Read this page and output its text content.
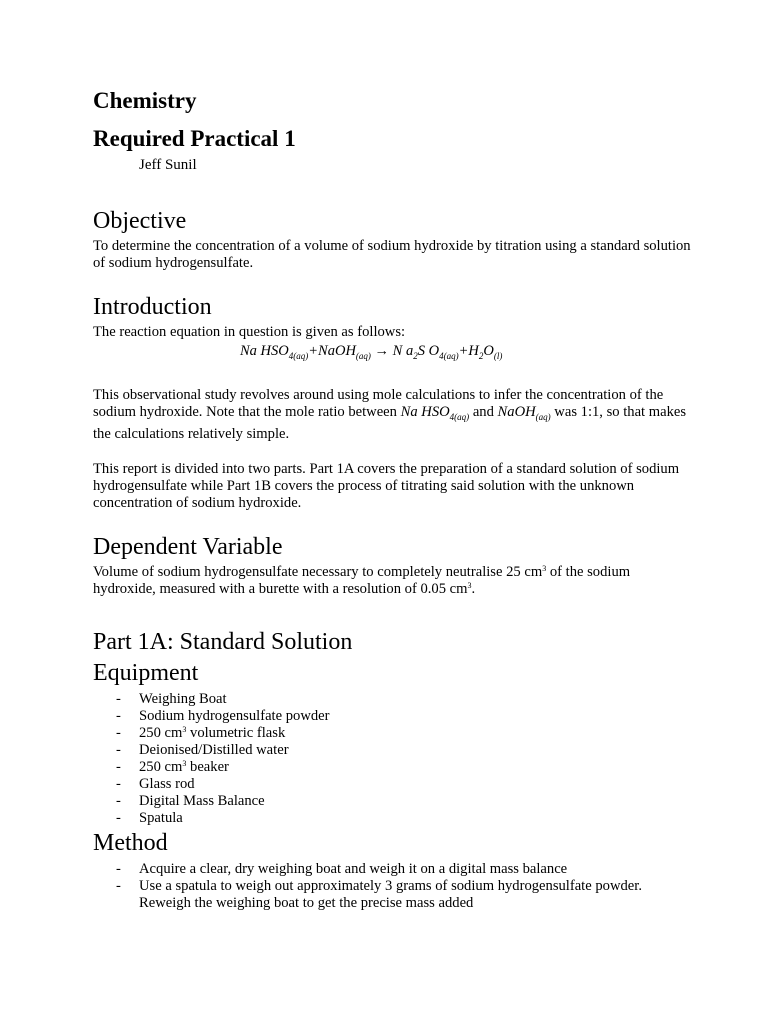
Chemistry
Required Practical 1
Jeff Sunil
Objective
To determine the concentration of a volume of sodium hydroxide by titration using a standard solution of sodium hydrogensulfate.
Introduction
The reaction equation in question is given as follows:
Na $HSO_{4(aq)}+NaOH_{(aq)} \to N$ $a_2S$ $O_{4(aq)}+H_2O_{(l)}$
This observational study revolves around using mole calculations to infer the concentration of the sodium hydroxide. Note that the mole ratio between Na $HSO_{4(aq)}$ and NaOH$_{(aq)}$ was 1:1, so that makes the calculations relatively simple.
This report is divided into two parts. Part 1A covers the preparation of a standard solution of sodium hydrogensulfate while Part 1B covers the process of titrating said solution with the unknown concentration of sodium hydroxide.
Dependent Variable
Volume of sodium hydrogensulfate necessary to completely neutralise 25 $cm^3$ of the sodium hydroxide, measured with a burette with a resolution of 0.05 $cm^3$.
Part 1A: Standard Solution
Equipment
- Weighing Boat
- Sodium hydrogensulfate powder
- 250 $cm^3$ volumetric flask
- Deionised/Distilled water
- 250 $cm^3$ beaker
- Glass rod
- Digital Mass Balance
- Spatula
Method
- Acquire a clear, dry weighing boat and weigh it on a digital mass balance
- Use a spatula to weigh out approximately 3 grams of sodium hydrogensulfate powder. Reweigh the weighing boat to get the precise mass added
